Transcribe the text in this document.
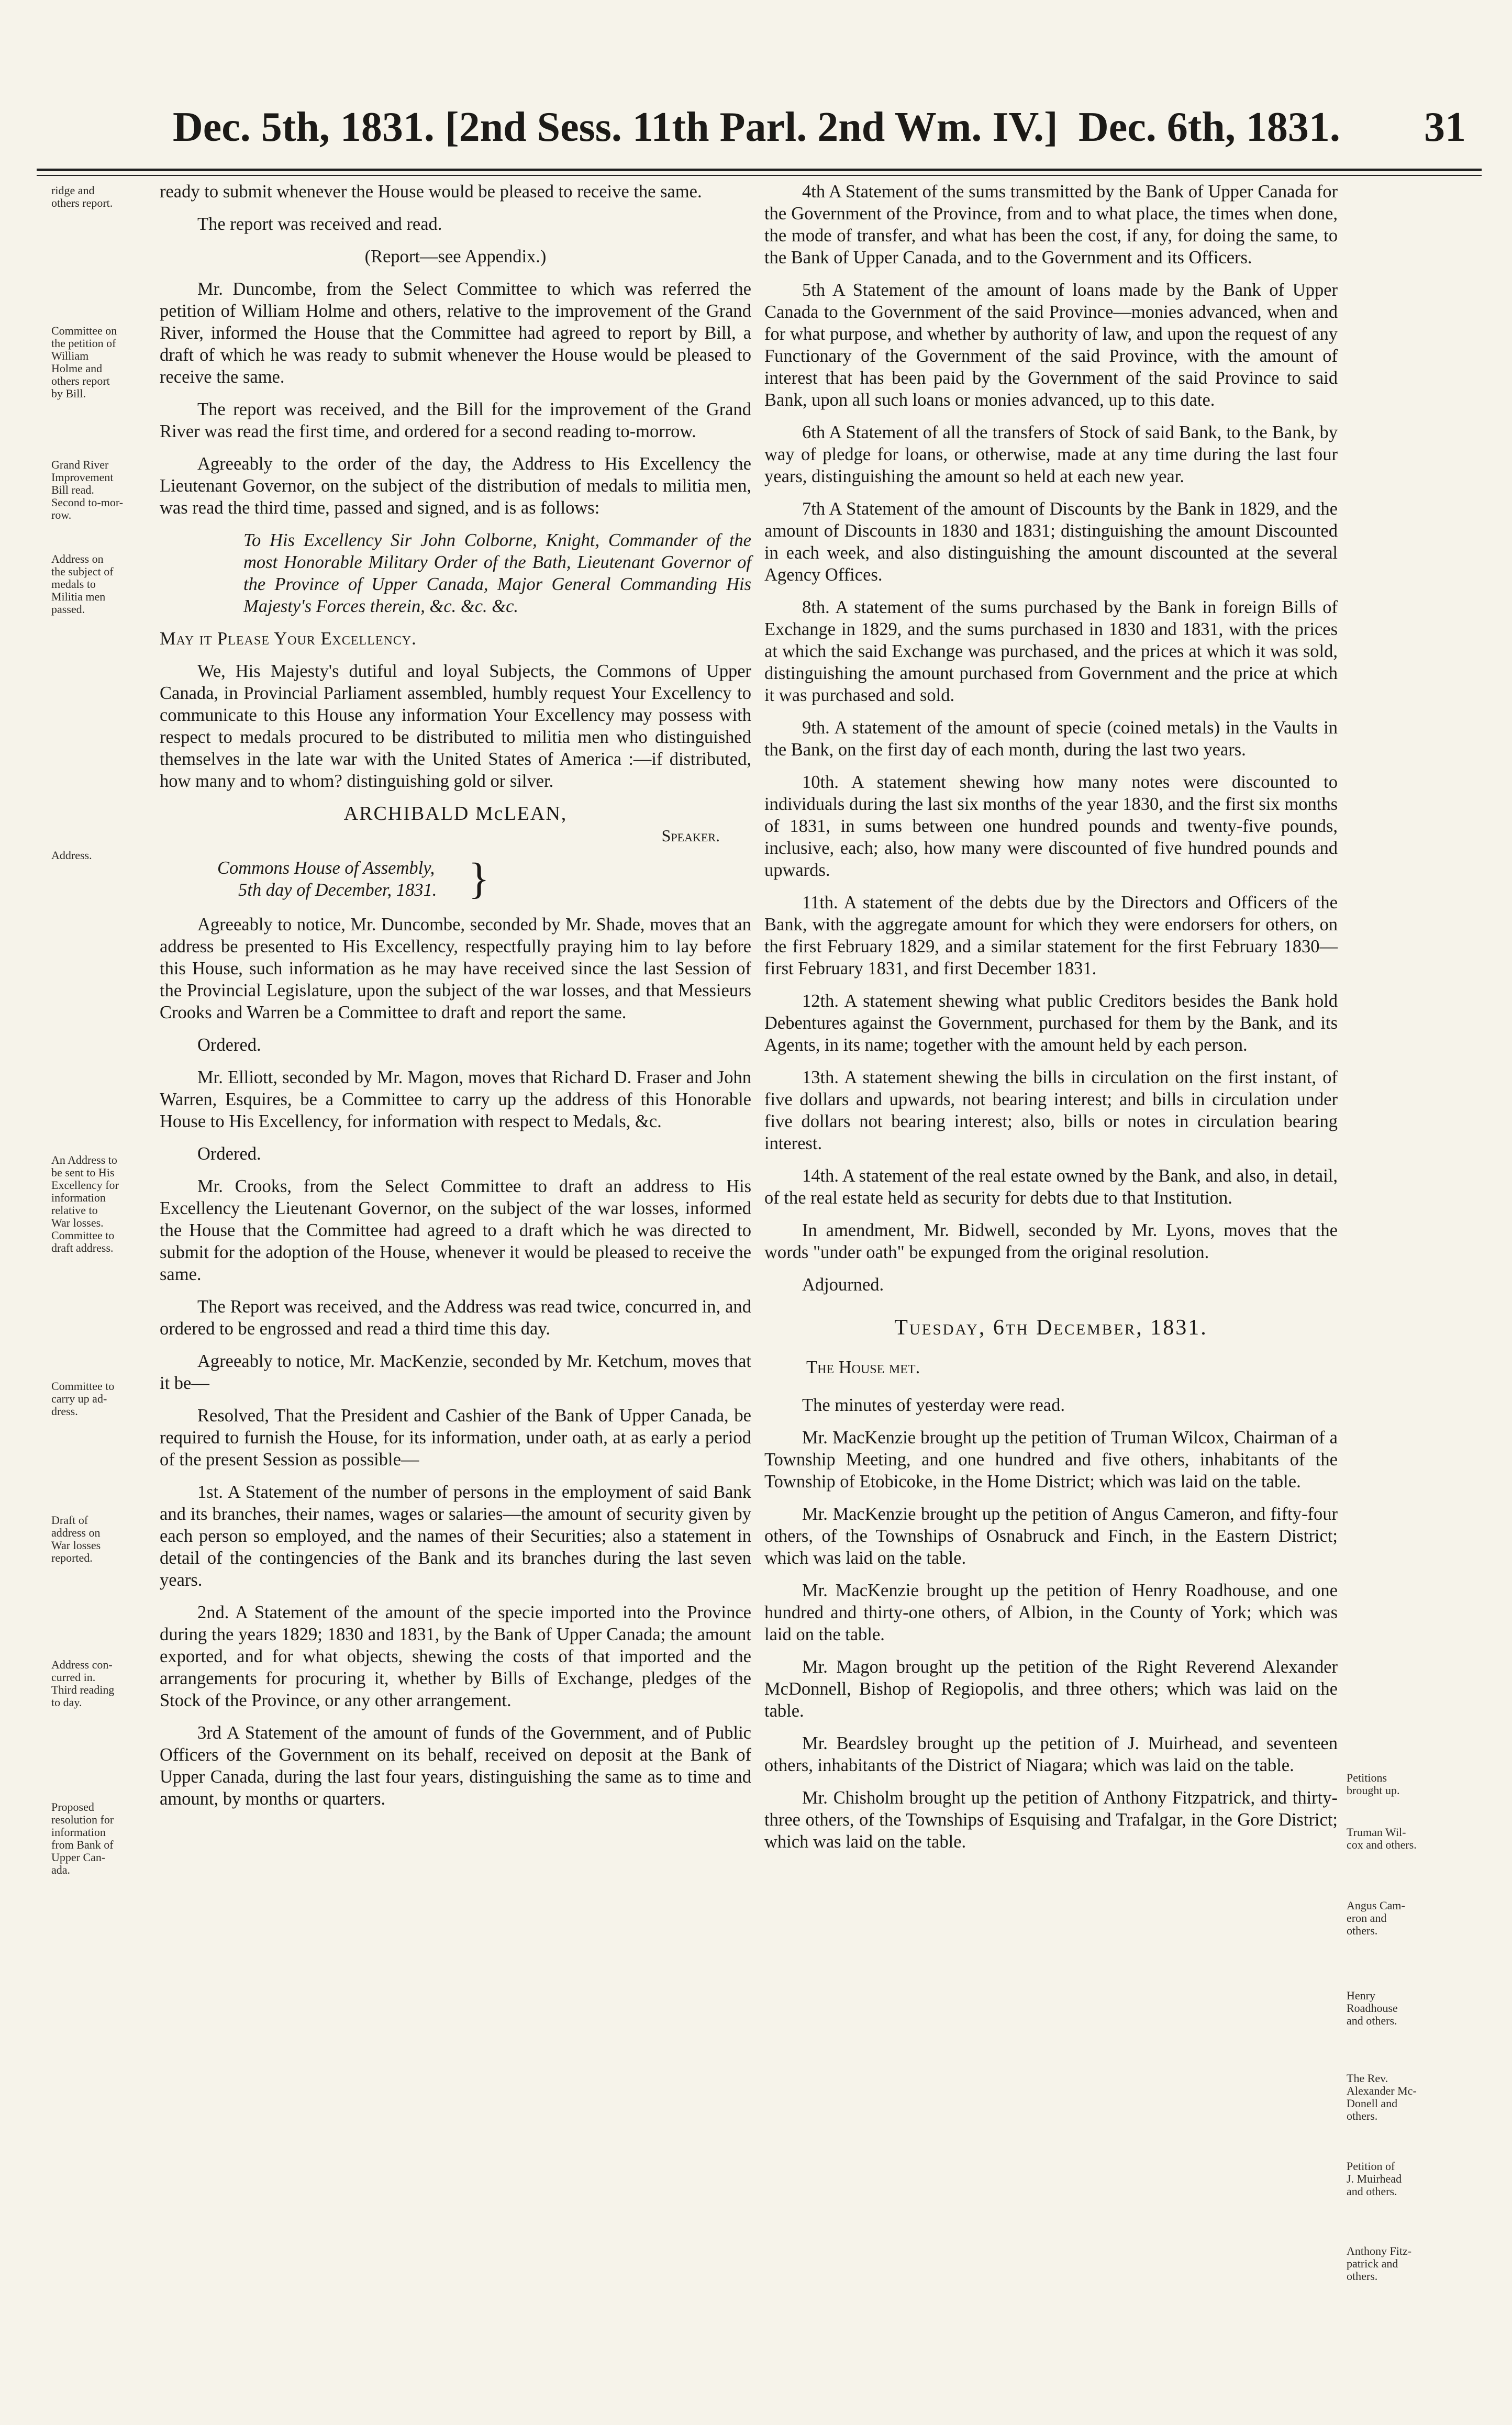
Dec. 5th, 1831. [2nd Sess. 11th Parl. 2nd Wm. IV.] Dec. 6th, 1831. 31
ridge and
others report.
Committee on
the petition of
William
Holme and
others report
by Bill.
Grand River
Improvement
Bill read.
Second to-mor-
row.
Address on
the subject of
medals to
Militia men
passed.
Address.
An Address to
be sent to His
Excellency for
information
relative to
War losses.
Committee to
draft address.
Committee to
carry up ad-
dress.
Draft of
address on
War losses
reported.
Address con-
curred in.
Third reading
to day.
Proposed
resolution for
information
from Bank of
Upper Can-
ada.
Petitions
brought up.
Truman Wil-
cox and others.
Angus Cam-
eron and
others.
Henry
Roadhouse
and others.
The Rev.
Alexander Mc-
Donell and
others.
Petition of
J. Muirhead
and others.
Anthony Fitz-
patrick and
others.

ready to submit whenever the House would be pleased to receive the same.

The report was received and read.

(Report—see Appendix.)

Mr. Duncombe, from the Select Committee to which was referred the petition of William Holme and others, relative to the improvement of the Grand River, informed the House that the Committee had agreed to report by Bill, a draft of which he was ready to submit whenever the House would be pleased to receive the same.

The report was received, and the Bill for the improvement of the Grand River was read the first time, and ordered for a second reading to-morrow.

Agreeably to the order of the day, the Address to His Excellency the Lieutenant Governor, on the subject of the distribution of medals to militia men, was read the third time, passed and signed, and is as follows:

To His Excellency Sir John Colborne, Knight, Commander of the most Honorable Military Order of the Bath, Lieutenant Governor of the Province of Upper Canada, Major General Commanding His Majesty's Forces therein, &c. &c. &c.

May it Please Your Excellency.

We, His Majesty's dutiful and loyal Subjects, the Commons of Upper Canada, in Provincial Parliament assembled, humbly request Your Excellency to communicate to this House any information Your Excellency may possess with respect to medals procured to be distributed to militia men who distinguished themselves in the late war with the United States of America :—if distributed, how many and to whom? distinguishing gold or silver.

ARCHIBALD McLEAN,
Speaker.
Commons House of Assembly,
5th day of December, 1831. }

Agreeably to notice, Mr. Duncombe, seconded by Mr. Shade, moves that an address be presented to His Excellency, respectfully praying him to lay before this House, such information as he may have received since the last Session of the Provincial Legislature, upon the subject of the war losses, and that Messieurs Crooks and Warren be a Committee to draft and report the same.

Ordered.

Mr. Elliott, seconded by Mr. Magon, moves that Richard D. Fraser and John Warren, Esquires, be a Committee to carry up the address of this Honorable House to His Excellency, for information with respect to Medals, &c.

Ordered.

Mr. Crooks, from the Select Committee to draft an address to His Excellency the Lieutenant Governor, on the subject of the war losses, informed the House that the Committee had agreed to a draft which he was directed to submit for the adoption of the House, whenever it would be pleased to receive the same.

The Report was received, and the Address was read twice, concurred in, and ordered to be engrossed and read a third time this day.

Agreeably to notice, Mr. MacKenzie, seconded by Mr. Ketchum, moves that it be—

Resolved, That the President and Cashier of the Bank of Upper Canada, be required to furnish the House, for its information, under oath, at as early a period of the present Session as possible—

1st. A Statement of the number of persons in the employment of said Bank and its branches, their names, wages or salaries—the amount of security given by each person so employed, and the names of their Securities; also a statement in detail of the contingencies of the Bank and its branches during the last seven years.

2nd. A Statement of the amount of the specie imported into the Province during the years 1829; 1830 and 1831, by the Bank of Upper Canada; the amount exported, and for what objects, shewing the costs of that imported and the arrangements for procuring it, whether by Bills of Exchange, pledges of the Stock of the Province, or any other arrangement.

3rd A Statement of the amount of funds of the Government, and of Public Officers of the Government on its behalf, received on deposit at the Bank of Upper Canada, during the last four years, distinguishing the same as to time and amount, by months or quarters.

4th A Statement of the sums transmitted by the Bank of Upper Canada for the Government of the Province, from and to what place, the times when done, the mode of transfer, and what has been the cost, if any, for doing the same, to the Bank of Upper Canada, and to the Government and its Officers.

5th A Statement of the amount of loans made by the Bank of Upper Canada to the Government of the said Province—monies advanced, when and for what purpose, and whether by authority of law, and upon the request of any Functionary of the Government of the said Province, with the amount of interest that has been paid by the Government of the said Province to said Bank, upon all such loans or monies advanced, up to this date.

6th A Statement of all the transfers of Stock of said Bank, to the Bank, by way of pledge for loans, or otherwise, made at any time during the last four years, distinguishing the amount so held at each new year.

7th A Statement of the amount of Discounts by the Bank in 1829, and the amount of Discounts in 1830 and 1831; distinguishing the amount Discounted in each week, and also distinguishing the amount discounted at the several Agency Offices.

8th. A statement of the sums purchased by the Bank in foreign Bills of Exchange in 1829, and the sums purchased in 1830 and 1831, with the prices at which the said Exchange was purchased, and the prices at which it was sold, distinguishing the amount purchased from Government and the price at which it was purchased and sold.

9th. A statement of the amount of specie (coined metals) in the Vaults in the Bank, on the first day of each month, during the last two years.

10th. A statement shewing how many notes were discounted to individuals during the last six months of the year 1830, and the first six months of 1831, in sums between one hundred pounds and twenty-five pounds, inclusive, each; also, how many were discounted of five hundred pounds and upwards.

11th. A statement of the debts due by the Directors and Officers of the Bank, with the aggregate amount for which they were endorsers for others, on the first February 1829, and a similar statement for the first February 1830—first February 1831, and first December 1831.

12th. A statement shewing what public Creditors besides the Bank hold Debentures against the Government, purchased for them by the Bank, and its Agents, in its name; together with the amount held by each person.

13th. A statement shewing the bills in circulation on the first instant, of five dollars and upwards, not bearing interest; and bills in circulation under five dollars not bearing interest; also, bills or notes in circulation bearing interest.

14th. A statement of the real estate owned by the Bank, and also, in detail, of the real estate held as security for debts due to that Institution.

In amendment, Mr. Bidwell, seconded by Mr. Lyons, moves that the words "under oath" be expunged from the original resolution.

Adjourned.

Tuesday, 6th December, 1831.
The House met.

The minutes of yesterday were read.

Mr. MacKenzie brought up the petition of Truman Wilcox, Chairman of a Township Meeting, and one hundred and five others, inhabitants of the Township of Etobicoke, in the Home District; which was laid on the table.

Mr. MacKenzie brought up the petition of Angus Cameron, and fifty-four others, of the Townships of Osnabruck and Finch, in the Eastern District; which was laid on the table.

Mr. MacKenzie brought up the petition of Henry Roadhouse, and one hundred and thirty-one others, of Albion, in the County of York; which was laid on the table.

Mr. Magon brought up the petition of the Right Reverend Alexander McDonnell, Bishop of Regiopolis, and three others; which was laid on the table.

Mr. Beardsley brought up the petition of J. Muirhead, and seventeen others, inhabitants of the District of Niagara; which was laid on the table.

Mr. Chisholm brought up the petition of Anthony Fitzpatrick, and thirty-three others, of the Townships of Esquising and Trafalgar, in the Gore District; which was laid on the table.
